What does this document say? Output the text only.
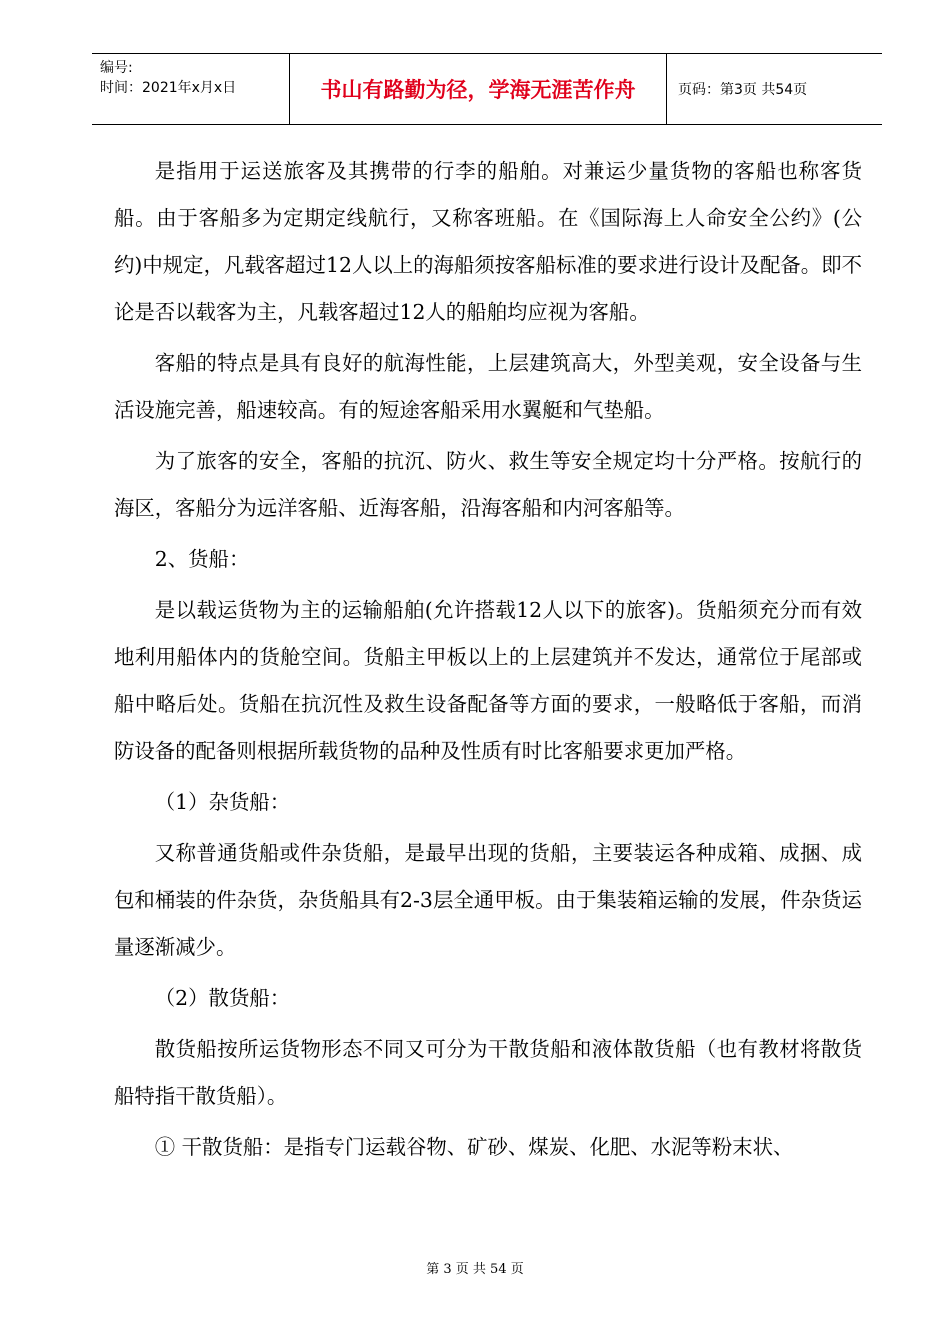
编号:
时间：2021年x月x日	书山有路勤为径，学海无涯苦作舟	页码：第3页 共54页

是指用于运送旅客及其携带的行李的船舶。对兼运少量货物的客船也称客货船。由于客船多为定期定线航行，又称客班船。在《国际海上人命安全公约》(公约)中规定，凡载客超过12人以上的海船须按客船标准的要求进行设计及配备。即不论是否以载客为主，凡载客超过12人的船舶均应视为客船。

客船的特点是具有良好的航海性能，上层建筑高大，外型美观，安全设备与生活设施完善，船速较高。有的短途客船采用水翼艇和气垫船。

为了旅客的安全，客船的抗沉、防火、救生等安全规定均十分严格。按航行的海区，客船分为远洋客船、近海客船，沿海客船和内河客船等。

2、货船：

是以载运货物为主的运输船舶(允许搭载12人以下的旅客)。货船须充分而有效地利用船体内的货舱空间。货船主甲板以上的上层建筑并不发达，通常位于尾部或船中略后处。货船在抗沉性及救生设备配备等方面的要求，一般略低于客船，而消防设备的配备则根据所载货物的品种及性质有时比客船要求更加严格。

（1）杂货船：

又称普通货船或件杂货船，是最早出现的货船，主要装运各种成箱、成捆、成包和桶装的件杂货，杂货船具有2-3层全通甲板。由于集装箱运输的发展，件杂货运量逐渐减少。

（2）散货船：

散货船按所运货物形态不同又可分为干散货船和液体散货船（也有教材将散货船特指干散货船）。

① 干散货船：是指专门运载谷物、矿砂、煤炭、化肥、水泥等粉末状、

第 3 页 共 54 页
